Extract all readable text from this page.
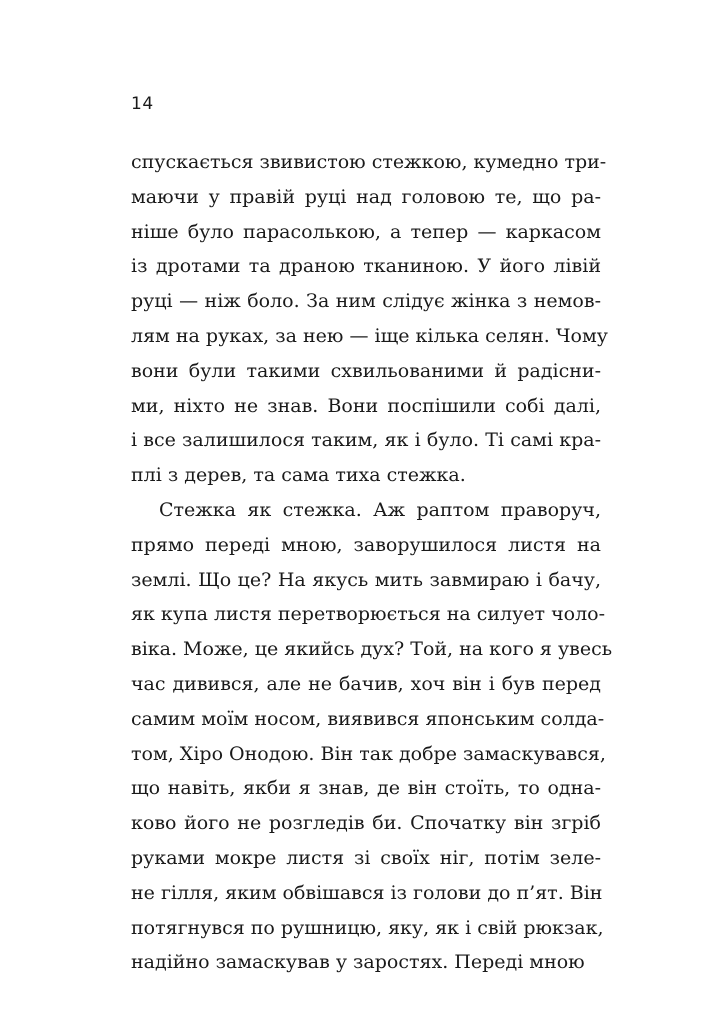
14
спускається звивистою стежкою, кумедно три-
маючи у правій руці над головою те, що ра-
ніше було парасолькою, а тепер — каркасом
із дротами та драною тканиною. У його лівій
руці — ніж боло. За ним слідує жінка з немов-
лям на руках, за нею — іще кілька селян. Чому
вони були такими схвильованими й радісни-
ми, ніхто не знав. Вони поспішили собі далі,
і все залишилося таким, як і було. Ті самі кра-
плі з дерев, та сама тиха стежка.
Стежка як стежка. Аж раптом праворуч,
прямо переді мною, заворушилося листя на
землі. Що це? На якусь мить завмираю і бачу,
як купа листя перетворюється на силует чоло-
віка. Може, це якийсь дух? Той, на кого я увесь
час дивився, але не бачив, хоч він і був перед
самим моїм носом, виявився японським солда-
том, Хіро Онодою. Він так добре замаскувався,
що навіть, якби я знав, де він стоїть, то одна-
ково його не розгледів би. Спочатку він згріб
руками мокре листя зі своїх ніг, потім зеле-
не гілля, яким обвішався із голови до п’ят. Він
потягнувся по рушницю, яку, як і свій рюкзак,
надійно замаскував у заростях. Переді мною
